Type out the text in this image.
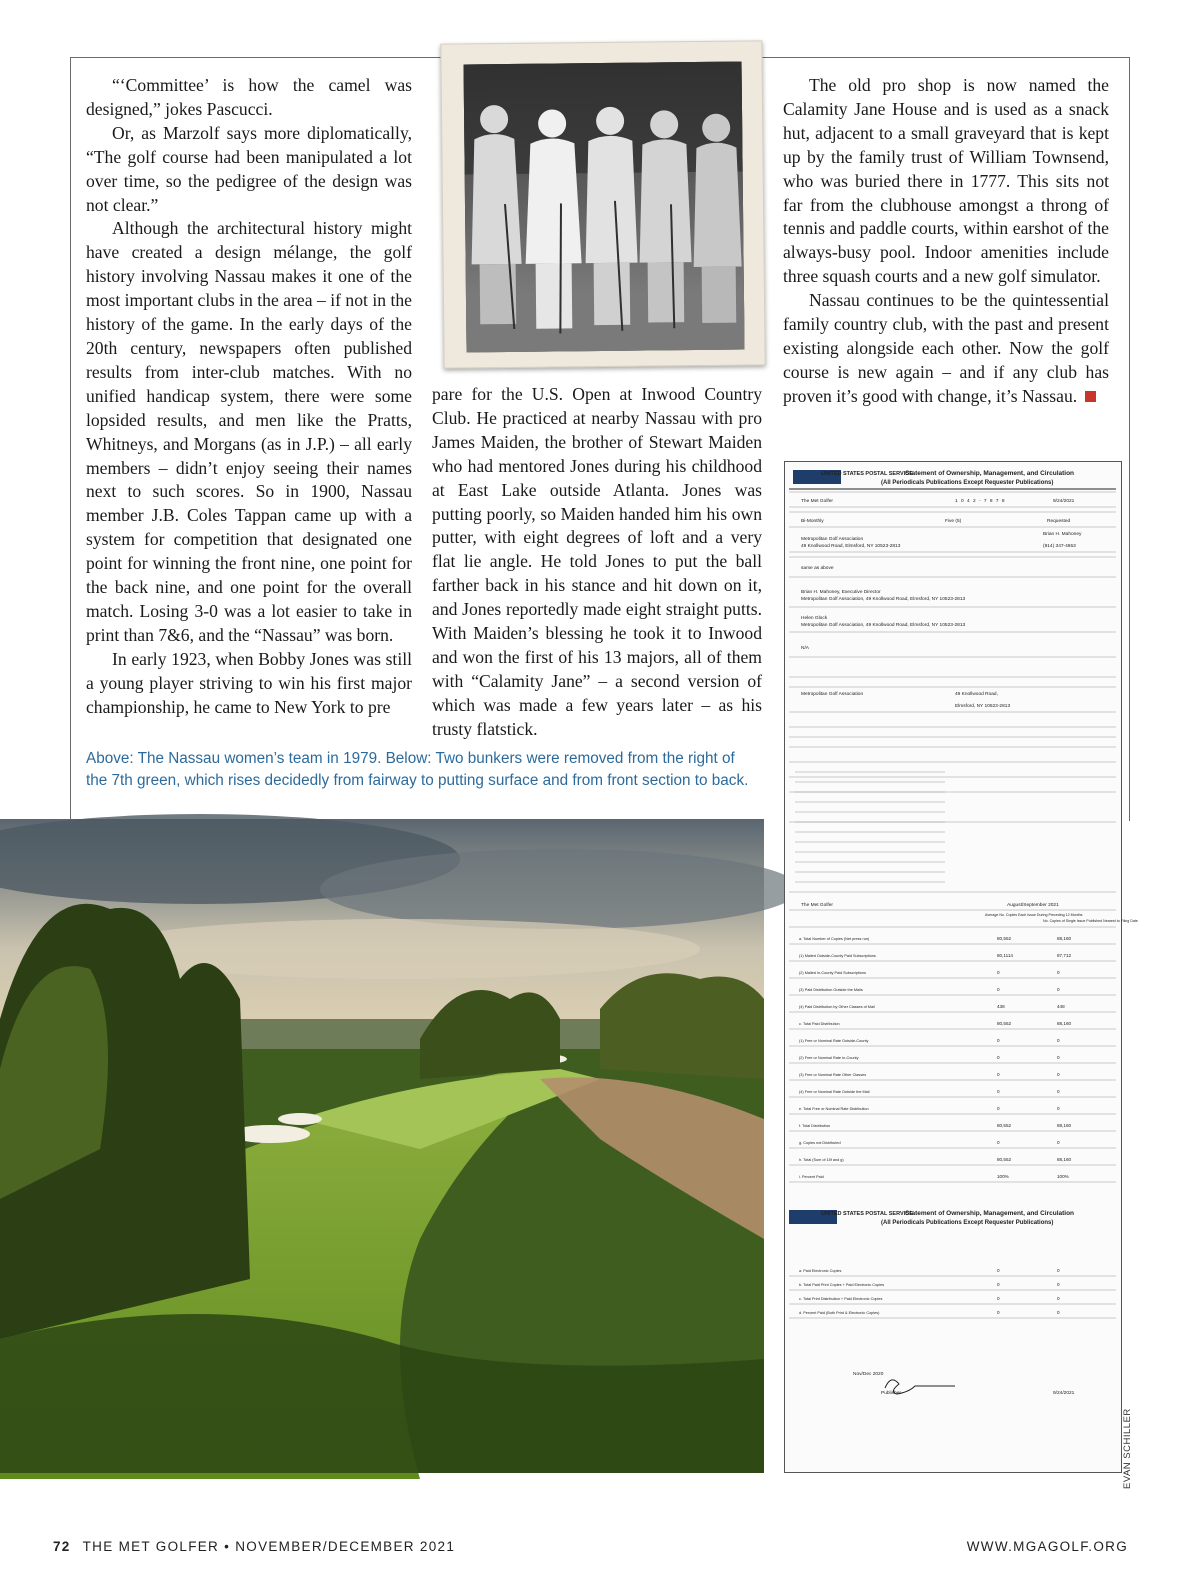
“‘Committee’ is how the camel was designed,” jokes Pascucci.

Or, as Marzolf says more diplomatically, “The golf course had been manipulated a lot over time, so the pedigree of the design was not clear.”

Although the architectural history might have created a design mélange, the golf history involving Nassau makes it one of the most important clubs in the area – if not in the history of the game. In the early days of the 20th century, newspapers often published results from inter-club matches. With no unified handicap system, there were some lopsided results, and men like the Pratts, Whitneys, and Morgans (as in J.P.) – all early members – didn’t enjoy seeing their names next to such scores. So in 1900, Nassau member J.B. Coles Tappan came up with a system for competition that designated one point for winning the front nine, one point for the back nine, and one point for the overall match. Losing 3-0 was a lot easier to take in print than 7&6, and the “Nassau” was born.

In early 1923, when Bobby Jones was still a young player striving to win his first major championship, he came to New York to pre

pare for the U.S. Open at Inwood Country Club. He practiced at nearby Nassau with pro James Maiden, the brother of Stewart Maiden who had mentored Jones during his childhood at East Lake outside Atlanta. Jones was putting poorly, so Maiden handed him his own putter, with eight degrees of loft and a very flat lie angle. He told Jones to put the ball farther back in his stance and hit down on it, and Jones reportedly made eight straight putts. With Maiden’s blessing he took it to Inwood and won the first of his 13 majors, all of them with “Calamity Jane” – a second version of which was made a few years later – as his trusty flatstick.

The old pro shop is now named the Calamity Jane House and is used as a snack hut, adjacent to a small graveyard that is kept up by the family trust of William Townsend, who was buried there in 1777. This sits not far from the clubhouse amongst a throng of tennis and paddle courts, within earshot of the always-busy pool. Indoor amenities include three squash courts and a new golf simulator.

Nassau continues to be the quintessential family country club, with the past and present existing alongside each other. Now the golf course is new again – and if any club has proven it’s good with change, it’s Nassau.

Above: The Nassau women’s team in 1979. Below: Two bunkers were removed from the right of the 7th green, which rises decidedly from fairway to putting surface and from front section to back.
UNITED STATES POSTAL SERVICE
Statement of Ownership, Management, and Circulation
(All Periodicals Publications Except Requester Publications)
The Met Golfer	1 0 4 2 - 7 8 7 8	9/24/2021
Bi-Monthly	Five (5)	Requested
Metropolitan Golf Association
49 Knollwood Road, Elmsford, NY 10523-2813
Brian H. Mahoney
(914) 347-4653
same as above
Brian H. Mahoney, Executive Director
Metropolitan Golf Association, 49 Knollwood Road, Elmsford, NY 10523-2813
Helen Glock
Metropolitan Golf Association, 49 Knollwood Road, Elmsford, NY 10523-2813
N/A
Metropolitan Golf Association	49 Knollwood Road,
Elmsford, NY 10523-2813
The Met Golfer	August/September 2021
Average No. Copies Each Issue During Preceding 12 Months
No. Copies of Single Issue Published Nearest to Filing Date
Nov/Dec 2020
Publisher	9/24/2021
a. Total Number of Copies (Net press run)	80,552	88,160
(1) Mailed Outside-County Paid Subscriptions	80,1114	87,712
(2) Mailed In-County Paid Subscriptions	0	0
(3) Paid Distribution Outside the Mails	0	0
(4) Paid Distribution by Other Classes of Mail	438	448
c. Total Paid Distribution	80,552	88,160
(1) Free or Nominal Rate Outside-County	0	0
(2) Free or Nominal Rate In-County	0	0
(3) Free or Nominal Rate Other Classes	0	0
(4) Free or Nominal Rate Outside the Mail	0	0
e. Total Free or Nominal Rate Distribution	0	0
f. Total Distribution	80,552	88,160
g. Copies not Distributed	0	0
h. Total (Sum of 15f and g)	80,552	88,160
i. Percent Paid	100%	100%
UNITED STATES POSTAL SERVICE
Statement of Ownership, Management, and Circulation
(All Periodicals Publications Except Requester Publications)
a. Paid Electronic Copies	0	0
b. Total Paid Print Copies + Paid Electronic Copies	0	0
c. Total Print Distribution + Paid Electronic Copies	0	0
d. Percent Paid (Both Print & Electronic Copies)	0	0
EVAN SCHILLER
72 THE MET GOLFER • NOVEMBER/DECEMBER 2021	WWW.MGAGOLF.ORG
